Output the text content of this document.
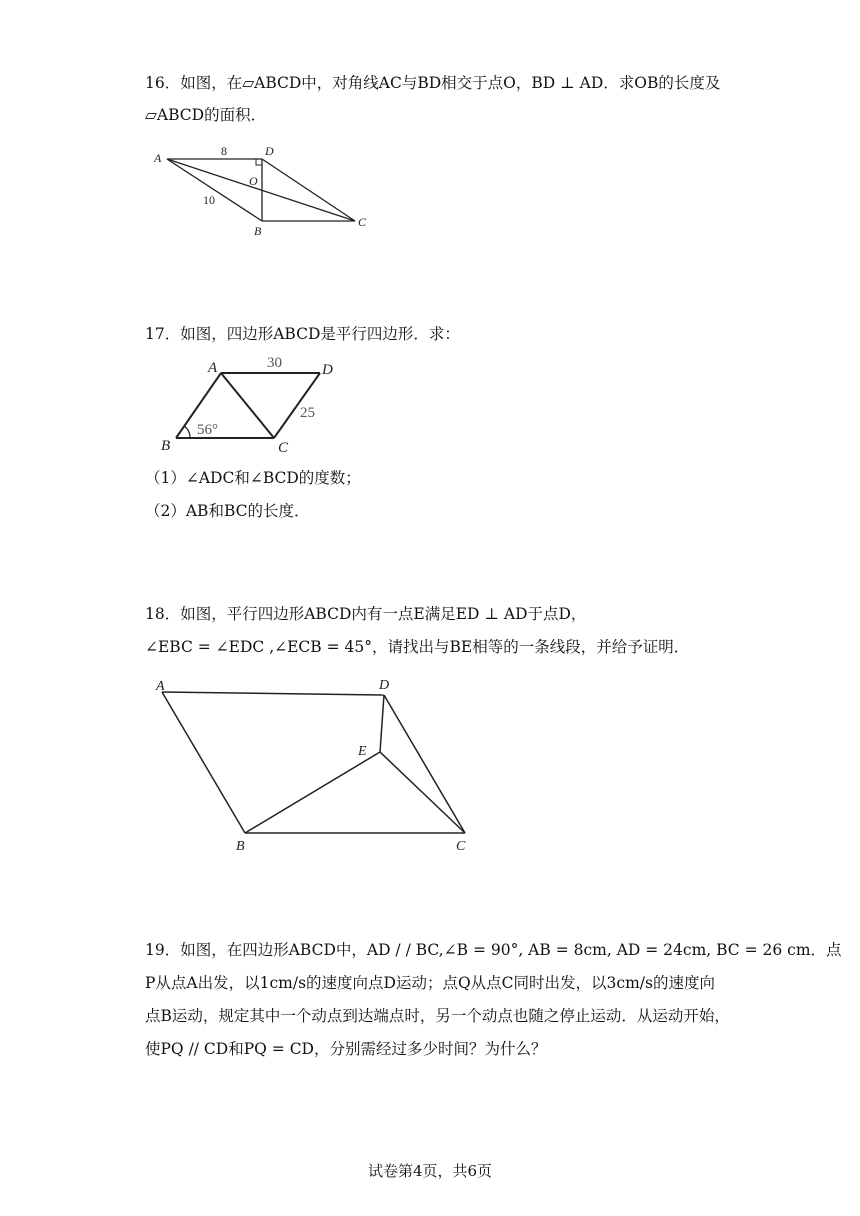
16．如图，在▱ABCD中，对角线AC与BD相交于点O，BD ⊥ AD．求OB的长度及
▱ABCD的面积．
A	D
O
B
C
8
10
17．如图，四边形ABCD是平行四边形．求：
A	D
B	C
30
25
56°
（1）∠ADC和∠BCD的度数；
（2）AB和BC的长度．
18．如图，平行四边形ABCD内有一点E满足ED ⊥ AD于点D，
∠EBC = ∠EDC ,∠ECB = 45°，请找出与BE相等的一条线段，并给予证明．
A	D
E
B	C
19．如图，在四边形ABCD中，AD / / BC,∠B = 90°, AB = 8cm, AD = 24cm, BC = 26 cm．点
P从点A出发，以1cm/s的速度向点D运动；点Q从点C同时出发，以3cm/s的速度向
点B运动，规定其中一个动点到达端点时，另一个动点也随之停止运动．从运动开始，
使PQ // CD和PQ = CD，分别需经过多少时间？为什么？
试卷第4页，共6页
